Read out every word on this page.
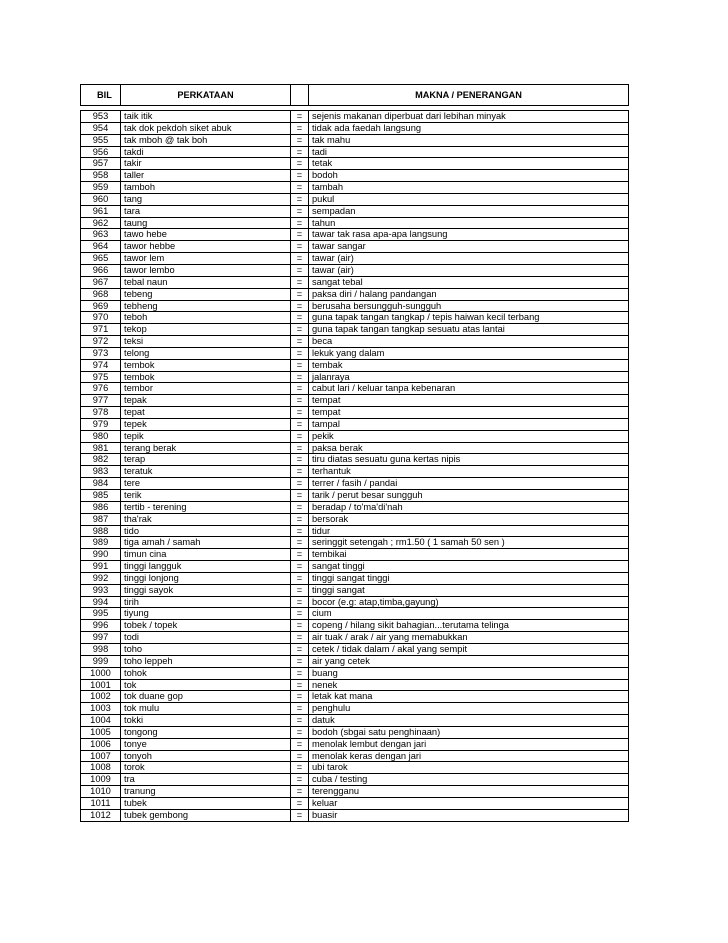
BIL	PERKATAAN		MAKNA / PENERANGAN
953	taik itik	=	sejenis makanan diperbuat dari lebihan minyak
954	tak dok pekdoh siket abuk	=	tidak ada faedah langsung
955	tak mboh @ tak boh	=	tak mahu
956	takdi	=	tadi
957	takir	=	tetak
958	taller	=	bodoh
959	tamboh	=	tambah
960	tang	=	pukul
961	tara	=	sempadan
962	taung	=	tahun
963	tawo hebe	=	tawar tak rasa apa-apa langsung
964	tawor hebbe	=	tawar sangar
965	tawor lem	=	tawar (air)
966	tawor lembo	=	tawar (air)
967	tebal naun	=	sangat tebal
968	tebeng	=	paksa diri / halang pandangan
969	tebheng	=	berusaha bersungguh-sungguh
970	teboh	=	guna tapak tangan tangkap / tepis haiwan kecil terbang
971	tekop	=	guna tapak tangan tangkap sesuatu atas lantai
972	teksi	=	beca
973	telong	=	lekuk yang dalam
974	tembok	=	tembak
975	tembok	=	jalanraya
976	tembor	=	cabut lari / keluar tanpa kebenaran
977	tepak	=	tempat
978	tepat	=	tempat
979	tepek	=	tampal
980	tepik	=	pekik
981	terang berak	=	paksa berak
982	terap	=	tiru diatas sesuatu guna kertas nipis
983	teratuk	=	terhantuk
984	tere	=	terrer / fasih / pandai
985	terik	=	tarik / perut besar sungguh
986	tertib - terening	=	beradap / to'ma'di'nah
987	tha'rak	=	bersorak
988	tido	=	tidur
989	tiga amah / samah	=	seringgit setengah ; rm1.50 ( 1 samah 50 sen )
990	timun cina	=	tembikai
991	tinggi langguk	=	sangat tinggi
992	tinggi lonjong	=	tinggi sangat tinggi
993	tinggi sayok	=	tinggi sangat
994	tirih	=	bocor (e.g: atap,timba,gayung)
995	tiyung	=	cium
996	tobek / topek	=	copeng / hilang sikit bahagian...terutama telinga
997	todi	=	air tuak / arak / air yang memabukkan
998	toho	=	cetek / tidak dalam / akal yang sempit
999	toho leppeh	=	air yang cetek
1000	tohok	=	buang
1001	tok	=	nenek
1002	tok duane gop	=	letak kat mana
1003	tok mulu	=	penghulu
1004	tokki	=	datuk
1005	tongong	=	bodoh (sbgai satu penghinaan)
1006	tonye	=	menolak lembut dengan jari
1007	tonyoh	=	menolak keras dengan jari
1008	torok	=	ubi tarok
1009	tra	=	cuba / testing
1010	tranung	=	terengganu
1011	tubek	=	keluar
1012	tubek gembong	=	buasir
